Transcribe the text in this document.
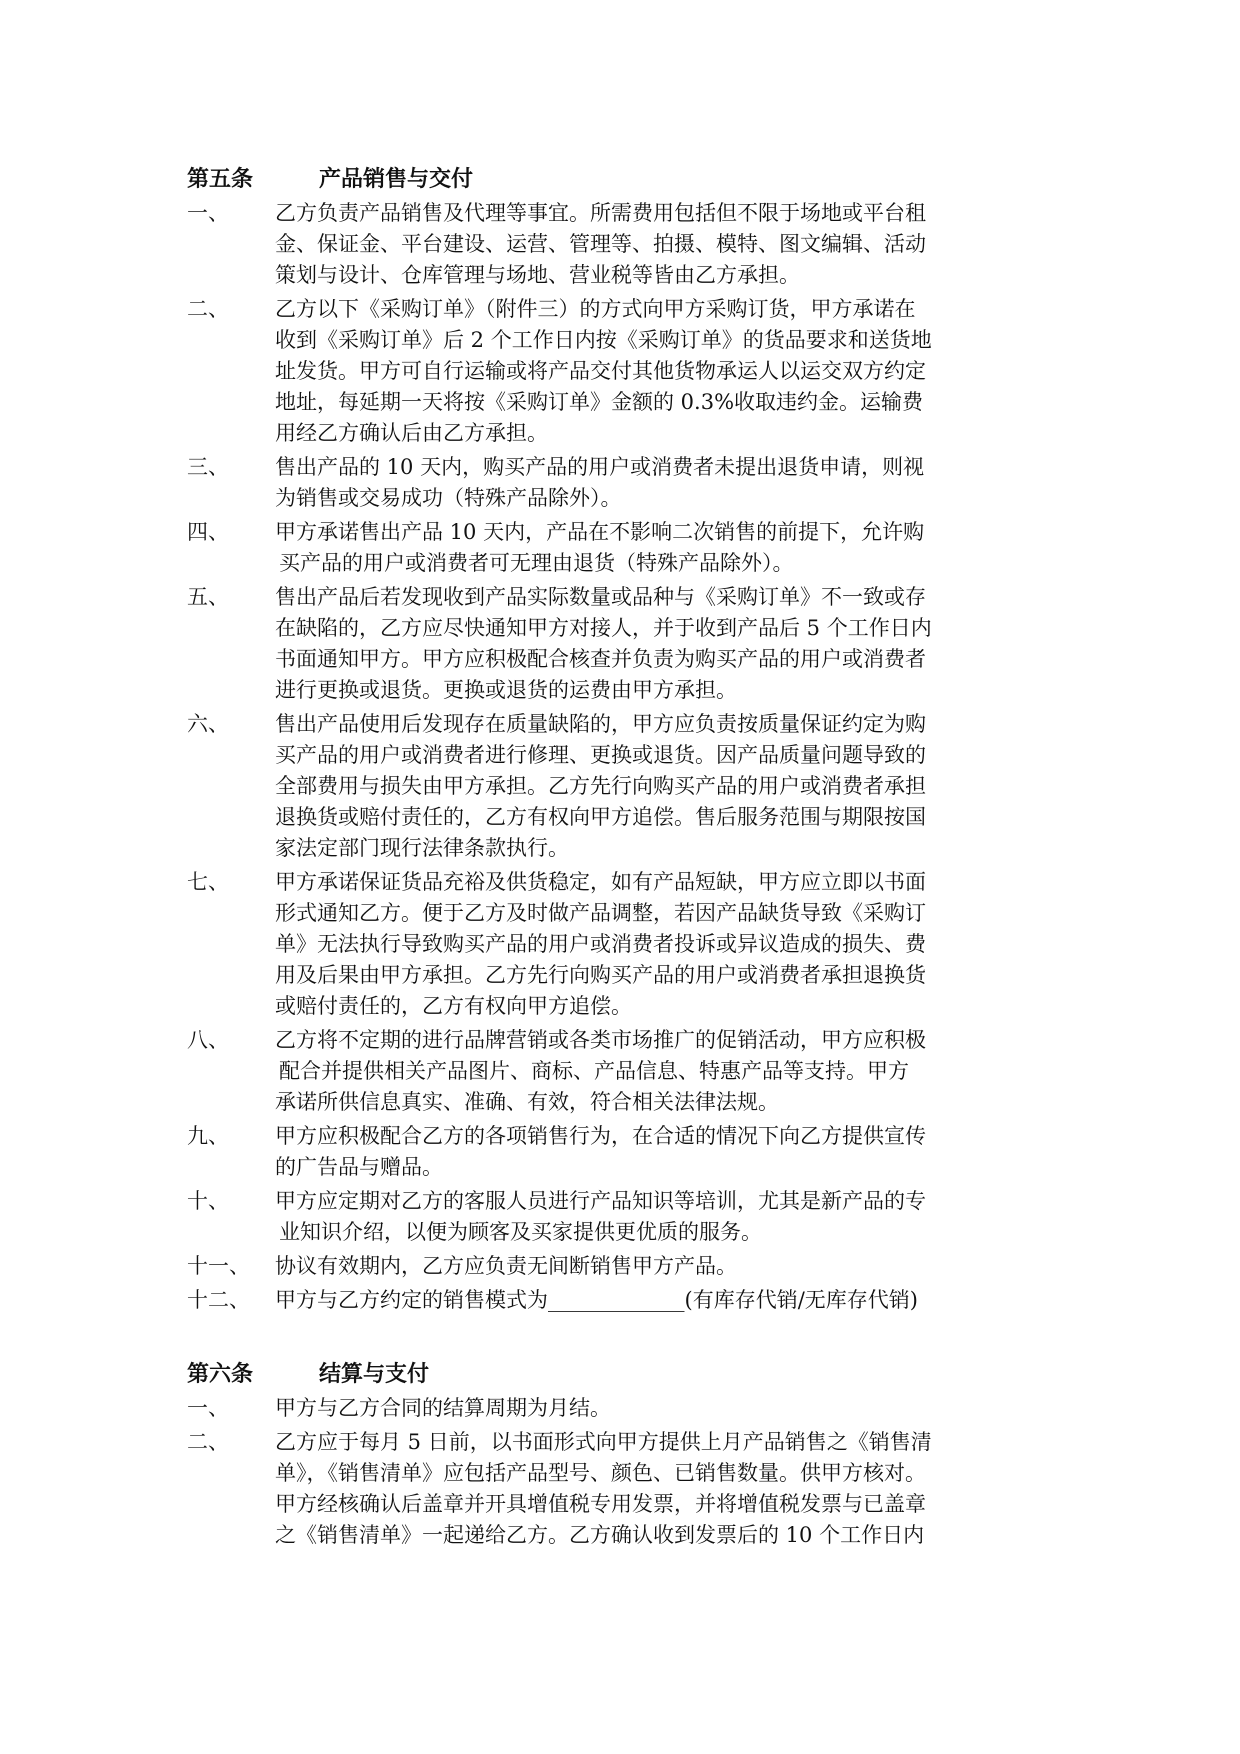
第五条	产品销售与交付
一、	乙方负责产品销售及代理等事宜。所需费用包括但不限于场地或平台租
金、保证金、平台建设、运营、管理等、拍摄、模特、图文编辑、活动
策划与设计、仓库管理与场地、营业税等皆由乙方承担。
二、	乙方以下《采购订单》（附件三）的方式向甲方采购订货，甲方承诺在
收到《采购订单》后 2 个工作日内按《采购订单》的货品要求和送货地
址发货。甲方可自行运输或将产品交付其他货物承运人以运交双方约定
地址，每延期一天将按《采购订单》金额的 0.3%收取违约金。运输费
用经乙方确认后由乙方承担。
三、	售出产品的 10 天内，购买产品的用户或消费者未提出退货申请，则视
为销售或交易成功（特殊产品除外）。
四、	甲方承诺售出产品 10 天内，产品在不影响二次销售的前提下，允许购
买产品的用户或消费者可无理由退货（特殊产品除外）。
五、	售出产品后若发现收到产品实际数量或品种与《采购订单》不一致或存
在缺陷的，乙方应尽快通知甲方对接人，并于收到产品后 5 个工作日内
书面通知甲方。甲方应积极配合核查并负责为购买产品的用户或消费者
进行更换或退货。更换或退货的运费由甲方承担。
六、	售出产品使用后发现存在质量缺陷的，甲方应负责按质量保证约定为购
买产品的用户或消费者进行修理、更换或退货。因产品质量问题导致的
全部费用与损失由甲方承担。乙方先行向购买产品的用户或消费者承担
退换货或赔付责任的，乙方有权向甲方追偿。售后服务范围与期限按国
家法定部门现行法律条款执行。
七、	甲方承诺保证货品充裕及供货稳定，如有产品短缺，甲方应立即以书面
形式通知乙方。便于乙方及时做产品调整，若因产品缺货导致《采购订
单》无法执行导致购买产品的用户或消费者投诉或异议造成的损失、费
用及后果由甲方承担。乙方先行向购买产品的用户或消费者承担退换货
或赔付责任的，乙方有权向甲方追偿。
八、	乙方将不定期的进行品牌营销或各类市场推广的促销活动，甲方应积极
配合并提供相关产品图片、商标、产品信息、特惠产品等支持。甲方
承诺所供信息真实、准确、有效，符合相关法律法规。
九、	甲方应积极配合乙方的各项销售行为，在合适的情况下向乙方提供宣传
的广告品与赠品。
十、	甲方应定期对乙方的客服人员进行产品知识等培训，尤其是新产品的专
业知识介绍，以便为顾客及买家提供更优质的服务。
十一、	协议有效期内，乙方应负责无间断销售甲方产品。
十二、	甲方与乙方约定的销售模式为_____________(有库存代销/无库存代销)
第六条	结算与支付
一、	甲方与乙方合同的结算周期为月结。
二、	乙方应于每月 5 日前，以书面形式向甲方提供上月产品销售之《销售清
单》，《销售清单》应包括产品型号、颜色、已销售数量。供甲方核对。
甲方经核确认后盖章并开具增值税专用发票，并将增值税发票与已盖章
之《销售清单》一起递给乙方。乙方确认收到发票后的 10 个工作日内
